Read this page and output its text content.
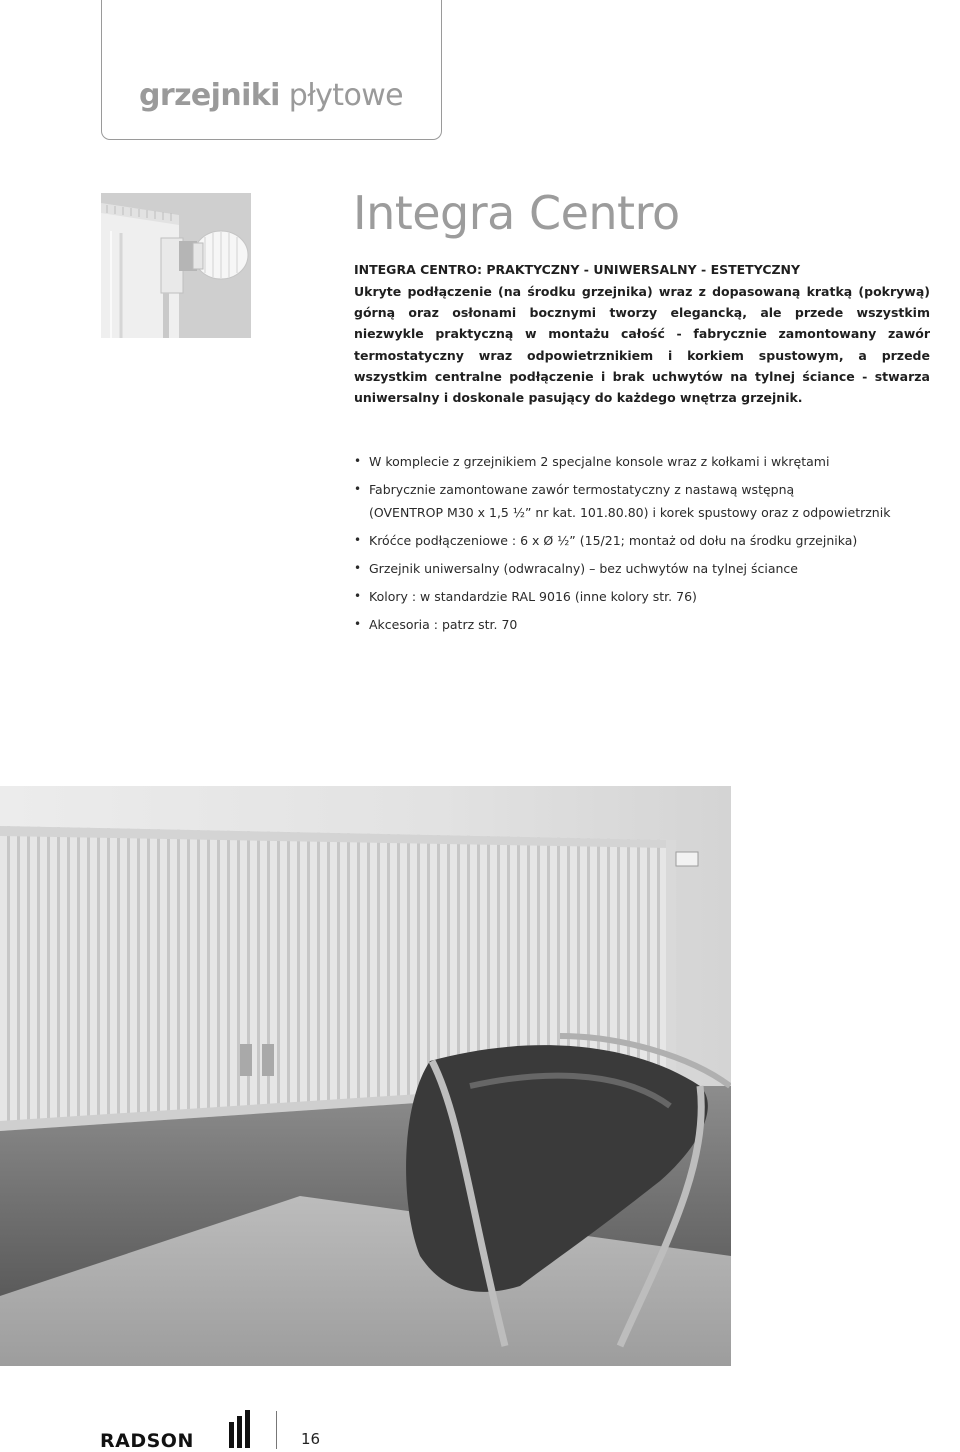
grzejniki płytowe
Integra Centro

INTEGRA CENTRO: PRAKTYCZNY - UNIWERSALNY - ESTETYCZNY

Ukryte podłączenie (na środku grzejnika) wraz z dopasowaną kratką (pokrywą) górną oraz osłonami bocznymi tworzy elegancką, ale przede wszystkim niezwykle praktyczną w montażu całość - fabrycznie zamontowany zawór termostatyczny wraz odpowietrznikiem i korkiem spustowym, a przede wszystkim centralne podłączenie i brak uchwytów na tylnej ściance - stwarza uniwersalny i doskonale pasujący do każdego wnętrza grzejnik.

• W komplecie z grzejnikiem 2 specjalne konsole wraz z kołkami i wkrętami
• Fabrycznie zamontowane zawór termostatyczny z nastawą wstępną
(OVENTROP M30 x 1,5 ½” nr kat. 101.80.80) i korek spustowy oraz z odpowietrznik
• Króćce podłączeniowe : 6 x Ø ½” (15/21; montaż od dołu na środku grzejnika)
• Grzejnik uniwersalny (odwracalny) – bez uchwytów na tylnej ściance
• Kolory : w standardzie RAL 9016 (inne kolory str. 76)
• Akcesoria : patrz str. 70
RADSON	16
